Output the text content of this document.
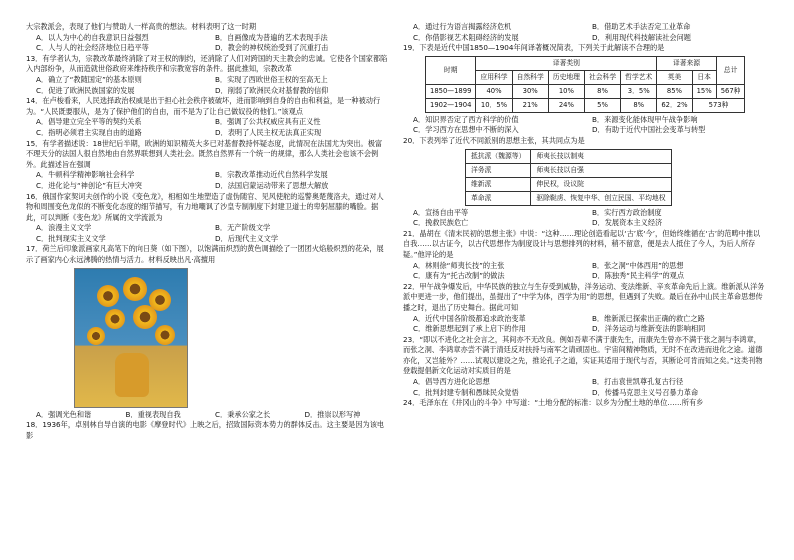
大宗教派会，表现了他们与赞助人一样高贵的想法。材料表明了这一时期
A．以人为中心的自我意识日益强烈	B．自画像成为普遍的艺术表现手法
C．人与人的社会经济地位日趋平等	D．教会的神权统治受到了沉重打击
13．有学者认为，宗教改革最终消除了对王权的制约，还消除了人们对跨国的天主教会的忠诚。它使各个国家都陷入内部纷争，从而造就世俗政府来维持秩序和宗教宽容的条件。据此推知，宗教改革
A．确立了“教随国定”的基本原则	B．实现了西欧世俗王权的至高无上
C．促进了欧洲民族国家的发展	D．削弱了欧洲民众对基督教的信仰
14．在卢梭看来，人民选择政治权威是出于担心社会秩序被破坏，进而影响到自身的自由和利益，是一种被动行为。“人民既要服从，是为了保护他们的自由，而不是为了让自己做奴役的他们。”该观点
A．倡导建立完全平等的契约关系	B．强调了公共权威应具有正义性
C．指明必须君主实现自由的道路	D．表明了人民主权无法真正实现
15．有学者描述说：18世纪后半期，欧洲的知识精英大多已对基督教持怀疑态度，此情况在法国尤为突出。极富不理天分的法国人很自然地由自然界联想到人类社会。既然自然界有一个统一的规律，那么人类社会也该不会例外。此描述旨在强调
A．牛顿科学精神影响社会科学	B．宗教改革推动近代自然科学发展
C．进化论与“神创论”有巨大冲突	D．法国启蒙运动带来了思想大解放
16．俄国作家契诃夫创作的小说《变色龙》，相相如生地塑造了虚伪随官、见风使舵的巡警奥楚蔑洛夫，通过对人物和周围变色龙似的不断变化态度的细节描写，有力地嘲讽了沙皇专制制度下封建卫道士的卑躬屈膝的嘴脸。据此，可以判断《变色龙》所属的文学流派为
A．浪漫主义文学	B．无产阶级文学
C．批判现实主义文学	D．后现代主义文学
17．荷兰后印象派画家凡高笔下的向日葵（如下图），以饱满而炽烈的黄色调描绘了一团团火焰般炽烈的花朵，展示了画家内心永远沸腾的热情与活力。材料反映出凡·高擅用
A．强调光色和谐	B．重视表现自我	C．秉承公家之长	D．推崇以形写神
18．1936年，卓别林自导自演的电影《摩登时代》上映之后，招致国际资本势力的群体反击。这主要是因为该电影
A．通过行为语言揭露经济危机	B．借助艺术手法否定工业革命
C．你借影视艺术阻碍经济的发展	D．利用现代科技解读社会问题
19．下表是近代中国1850—1904年间译著概况简表，下列关于此解读不合理的是
时期	译著类别					译著来源		总计
	应用科学	自然科学	历史地理	社会科学	哲学艺术	英美	日本	
1850—1899	40%	30%	10%	8%	3．5%	85%	15%	567种
1902—1904	10．5%	21%	24%	5%	8%	62．2%	573种	
A．知识界否定了西方科学的价值	B．来源变化能体现甲午战争影响
C．学习西方在思想中不断的深入	D．有助于近代中国社会变革与转型
20．下表列举了近代不同派别的思想主张，其共同点为是
抵抗派（魏源等）	师夷长技以制夷
洋务派	师夷长技以自强
维新派	伸民权，设议院
革命派	驱除鞑虏、恢复中华、创立民国、平均地权
A．宣扬自由平等	B．实行西方政治制度
C．挽救民族危亡	D．发展资本主义经济
21．晶胡在《清末民初的思想主张》中说：“这种……理论创造看起以‘古’底‘今’，但始终维循在‘古’的范畴中推以自我……以古证今，以古代思想作为制度设计与思想排列的材料，稍不留意，便是去人抵住了今人，为后人所存疑。”他评论的是
A．林则徐“师夷长技”的主张	B．张之洞“中体西用”的思想
C．康有为“托古改制”的做法	D．陈独秀“民主科学”的观点
22．甲午战争爆发后，中华民族的独立与生存受到威胁，洋务运动、变法维新、辛亥革命先后上演。维新派从洋务派中更进一步，他们提出，虽提出了“中学为体，西学为用”的思想，但遇到了失败。最后在孙中山民主革命思想传播之时，退出了历史舞台。据此可知
A．近代中国各阶级都追求政治变革	B．维新派已探索出正确的救亡之路
C．维新思想起到了承上启下的作用	D．洋务运动与维新变法的影响相同
23．“即以不进化之社会言之，其间亦不无改良。例如吾辈不满于康先生，而康先生曾亦不满于张之洞与李鸿章，而张之洞、李鸿章亦尝不满于清廷反对扶持与南军之请顽固也。宇宙间精神物质，无时不在改进而进化之途。道德亦化，又岂能外？……试观以建设之先，推论孔子之道，实证其适用于现代与否，其断论可肯而知之矣。”这类刊物登载提倡新文化运动对实质目的是
A．倡导西方进化论思想	B．打击袁世凯尊孔复古行径
C．批判封建专制和愚昧民众觉悟	D．传播马克思主义号召暴力革命
24．毛泽东在《井冈山的斗争》中写道：“土地分配的标准：以乡为分配土地的单位……所有乡
